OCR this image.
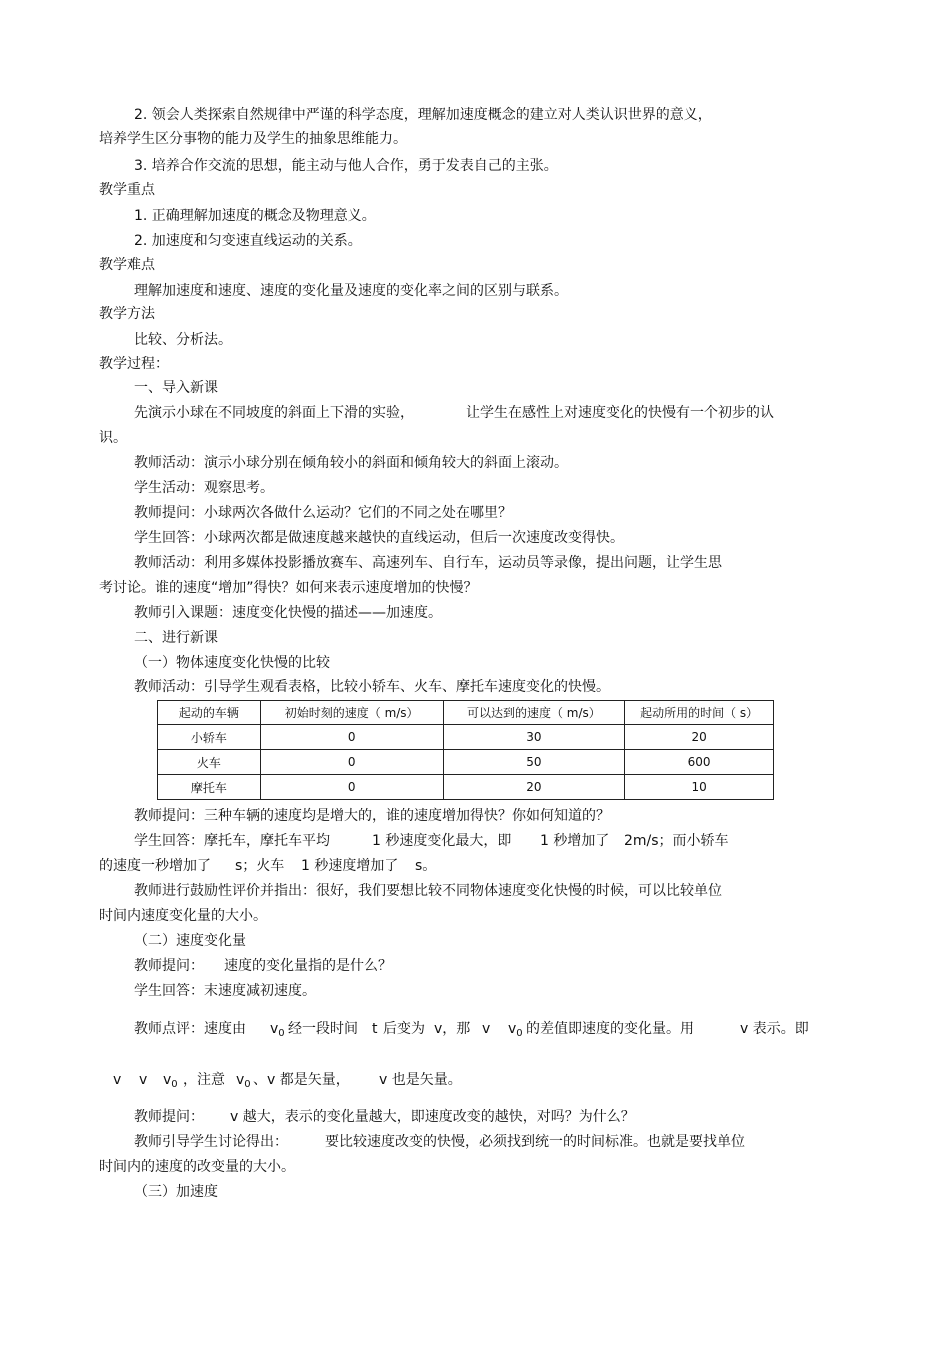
2. 领会人类探索自然规律中严谨的科学态度，理解加速度概念的建立对人类认识世界的意义，
培养学生区分事物的能力及学生的抽象思维能力。
3. 培养合作交流的思想，能主动与他人合作，勇于发表自己的主张。
教学重点
1. 正确理解加速度的概念及物理意义。
2. 加速度和匀变速直线运动的关系。
教学难点
理解加速度和速度、速度的变化量及速度的变化率之间的区别与联系。
教学方法
比较、分析法。
教学过程：
一、导入新课
先演示小球在不同坡度的斜面上下滑的实验，	让学生在感性上对速度变化的快慢有一个初步的认
识。
教师活动：演示小球分别在倾角较小的斜面和倾角较大的斜面上滚动。
学生活动：观察思考。
教师提问：小球两次各做什么运动？它们的不同之处在哪里？
学生回答：小球两次都是做速度越来越快的直线运动，但后一次速度改变得快。
教师活动：利用多媒体投影播放赛车、高速列车、自行车，运动员等录像，提出问题，让学生思
考讨论。谁的速度“增加”得快？如何来表示速度增加的快慢？
教师引入课题：速度变化快慢的描述——加速度。
二、进行新课
（一）物体速度变化快慢的比较
教师活动：引导学生观看表格，比较小轿车、火车、摩托车速度变化的快慢。
起动的车辆	初始时刻的速度（ m/s）	可以达到的速度（ m/s）	起动所用的时间（ s）
小轿车	0	30	20
火车	0	50	600
摩托车	0	20	10
教师提问：三种车辆的速度均是增大的，谁的速度增加得快？你如何知道的？
学生回答：摩托车，摩托车平均	1 秒速度变化最大，即 1 秒增加了 2m/s；而小轿车
的速度一秒增加了 s；火车 1 秒速度增加了 s。
教师进行鼓励性评价并指出：很好，我们要想比较不同物体速度变化快慢的时候，可以比较单位
时间内速度变化量的大小。
（二）速度变化量
教师提问： 速度的变化量指的是什么？
学生回答：末速度减初速度。
教师点评：速度由 $v_0$ 经一段时间 t 后变为 v，那 v $v_0$ 的差值即速度的变化量。用	v 表示。即
v v $v_0$ ，注意 $v_0$ 、v 都是矢量， v 也是矢量。
教师提问： v 越大，表示的变化量越大，即速度改变的越快，对吗？为什么？
教师引导学生讨论得出：	要比较速度改变的快慢，必须找到统一的时间标准。也就是要找单位
时间内的速度的改变量的大小。
（三）加速度
